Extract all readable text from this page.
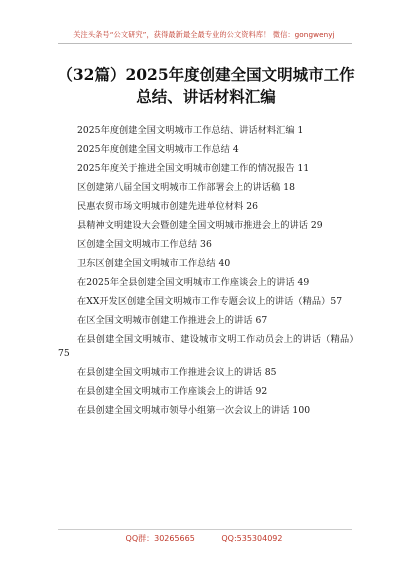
关注头条号“公文研究”，获得最新最全最专业的公文资料库！ 微信：gongwenyj
（32篇）2025年度创建全国文明城市工作总结、讲话材料汇编
2025年度创建全国文明城市工作总结、讲话材料汇编 1
2025年度创建全国文明城市工作总结 4
2025年度关于推进全国文明城市创建工作的情况报告 11
区创建第八届全国文明城市工作部署会上的讲话稿 18
民惠农贸市场文明城市创建先进单位材料 26
县精神文明建设大会暨创建全国文明城市推进会上的讲话 29
区创建全国文明城市工作总结 36
卫东区创建全国文明城市工作总结 40
在2025年全县创建全国文明城市工作座谈会上的讲话 49
在XX开发区创建全国文明城市工作专题会议上的讲话（精品）57
在区全国文明城市创建工作推进会上的讲话 67
在县创建全国文明城市、建设城市文明工作动员会上的讲话（精品）75
在县创建全国文明城市工作推进会议上的讲话 85
在县创建全国文明城市工作座谈会上的讲话 92
在县创建全国文明城市领导小组第一次会议上的讲话 100
QQ群：30265665	QQ:535304092
